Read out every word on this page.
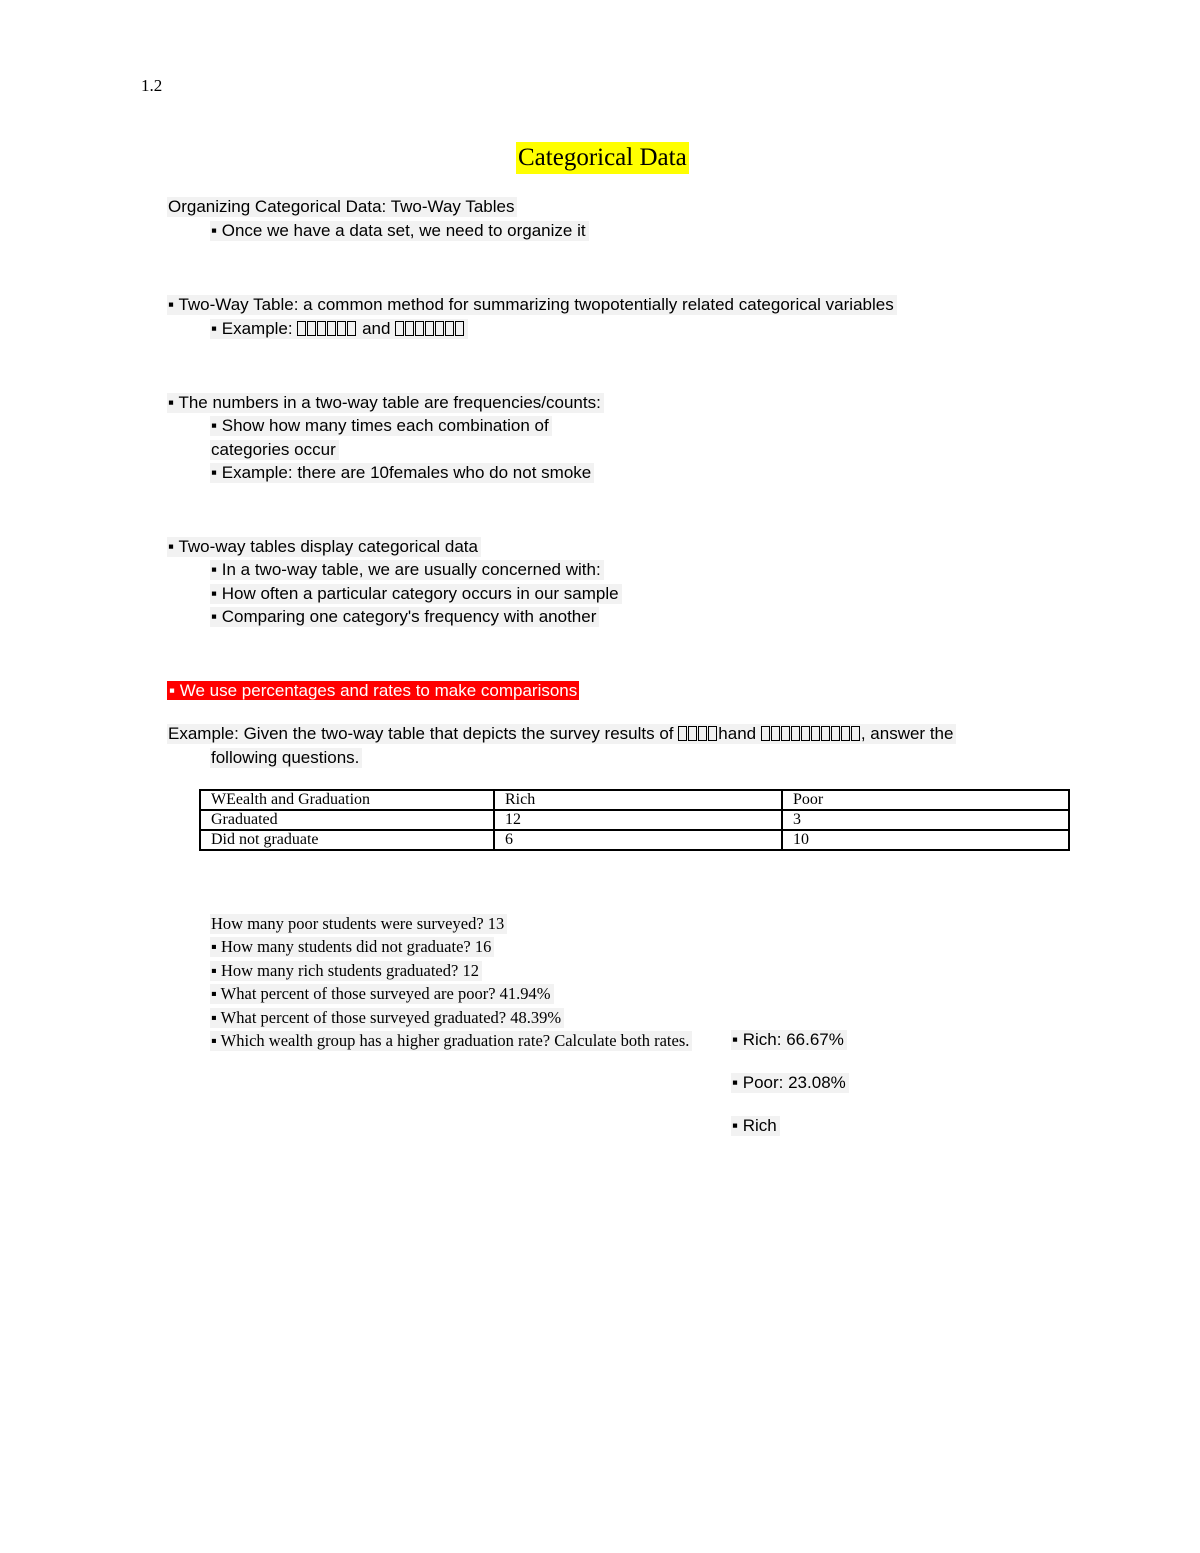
1.2
Categorical Data
Organizing Categorical Data: Two-Way Tables
▪ Once we have a data set, we need to organize it
▪ Two-Way Table: a common method for summarizing twopotentially related categorical variables
▪ Example:	and
▪ The numbers in a two-way table are frequencies/counts:
▪ Show how many times each combination of
categories occur
▪ Example: there are 10females who do not smoke
▪ Two-way tables display categorical data
▪ In a two-way table, we are usually concerned with:
▪ How often a particular category occurs in our sample
▪ Comparing one category's frequency with another
▪ We use percentages and rates to make comparisons
Example: Given the two-way table that depicts the survey results of	hand	, answer the
following questions.
WEealth and Graduation	Rich	Poor
Graduated	12	3
Did not graduate	6	10
How many poor students were surveyed? 13
▪ How many students did not graduate? 16
▪ How many rich students graduated? 12
▪ What percent of those surveyed are poor? 41.94%
▪ What percent of those surveyed graduated? 48.39%
▪ Which wealth group has a higher graduation rate? Calculate both rates.	▪ Rich: 66.67%
▪ Poor: 23.08%
▪ Rich
